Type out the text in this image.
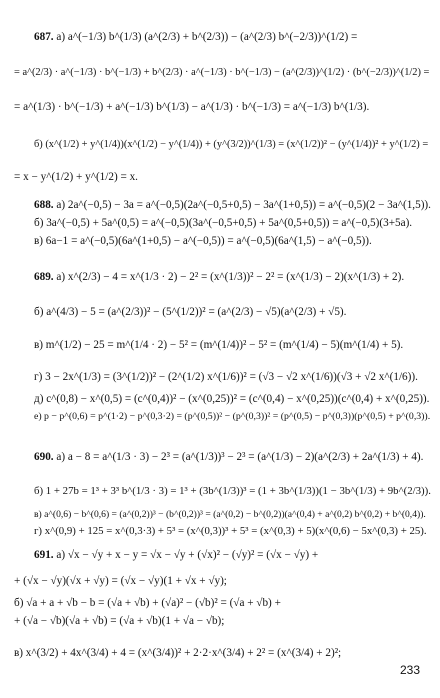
687. а) a^(−1/3) b^(1/3) (a^(2/3) + b^(2/3)) − (a^(2/3) b^(−2/3))^(1/2) =
= a^(2/3) · a^(−1/3) · b^(−1/3) + b^(2/3) · a^(−1/3) · b^(−1/3) − (a^(2/3))^(1/2) · (b^(−2/3))^(1/2) =
= a^(1/3) · b^(−1/3) + a^(−1/3) b^(1/3) − a^(1/3) · b^(−1/3) = a^(−1/3) b^(1/3).
б) (x^(1/2) + y^(1/4))(x^(1/2) − y^(1/4)) + (y^(3/2))^(1/3) = (x^(1/2))² − (y^(1/4))² + y^(1/2) =
= x − y^(1/2) + y^(1/2) = x.
688. а) 2a^(−0,5) − 3a = a^(−0,5)(2a^(−0,5+0,5) − 3a^(1+0,5)) = a^(−0,5)(2 − 3a^(1,5)).
б) 3a^(−0,5) + 5a^(0,5) = a^(−0,5)(3a^(−0,5+0,5) + 5a^(0,5+0,5)) = a^(−0,5)(3+5a).
в) 6a−1 = a^(−0,5)(6a^(1+0,5) − a^(−0,5)) = a^(−0,5)(6a^(1,5) − a^(−0,5)).
689. а) x^(2/3) − 4 = x^(1/3 · 2) − 2² = (x^(1/3))² − 2² = (x^(1/3) − 2)(x^(1/3) + 2).
б) a^(4/3) − 5 = (a^(2/3))² − (5^(1/2))² = (a^(2/3) − √5)(a^(2/3) + √5).
в) m^(1/2) − 25 = m^(1/4 · 2) − 5² = (m^(1/4))² − 5² = (m^(1/4) − 5)(m^(1/4) + 5).
г) 3 − 2x^(1/3) = (3^(1/2))² − (2^(1/2) x^(1/6))² = (√3 − √2 x^(1/6))(√3 + √2 x^(1/6)).
д) c^(0,8) − x^(0,5) = (c^(0,4))² − (x^(0,25))² = (c^(0,4) − x^(0,25))(c^(0,4) + x^(0,25)).
е) p − p^(0,6) = p^(1·2) − p^(0,3·2) = (p^(0,5))² − (p^(0,3))² = (p^(0,5) − p^(0,3))(p^(0,5) + p^(0,3)).
690. а) a − 8 = a^(1/3 · 3) − 2³ = (a^(1/3))³ − 2³ = (a^(1/3) − 2)(a^(2/3) + 2a^(1/3) + 4).
б) 1 + 27b = 1³ + 3³ b^(1/3 · 3) = 1³ + (3b^(1/3))³ = (1 + 3b^(1/3))(1 − 3b^(1/3) + 9b^(2/3)).
в) a^(0,6) − b^(0,6) = (a^(0,2))³ − (b^(0,2))³ = (a^(0,2) − b^(0,2))(a^(0,4) + a^(0,2) b^(0,2) + b^(0,4)).
г) x^(0,9) + 125 = x^(0,3·3) + 5³ = (x^(0,3))³ + 5³ = (x^(0,3) + 5)(x^(0,6) − 5x^(0,3) + 25).
691. а) √x − √y + x − y = √x − √y + (√x)² − (√y)² = (√x − √y) +
+ (√x − √y)(√x + √y) = (√x − √y)(1 + √x + √y);
б) √a + a + √b − b = (√a + √b) + (√a)² − (√b)² = (√a + √b) +
+ (√a − √b)(√a + √b) = (√a + √b)(1 + √a − √b);
в) x^(3/2) + 4x^(3/4) + 4 = (x^(3/4))² + 2·2·x^(3/4) + 2² = (x^(3/4) + 2)²;
233
